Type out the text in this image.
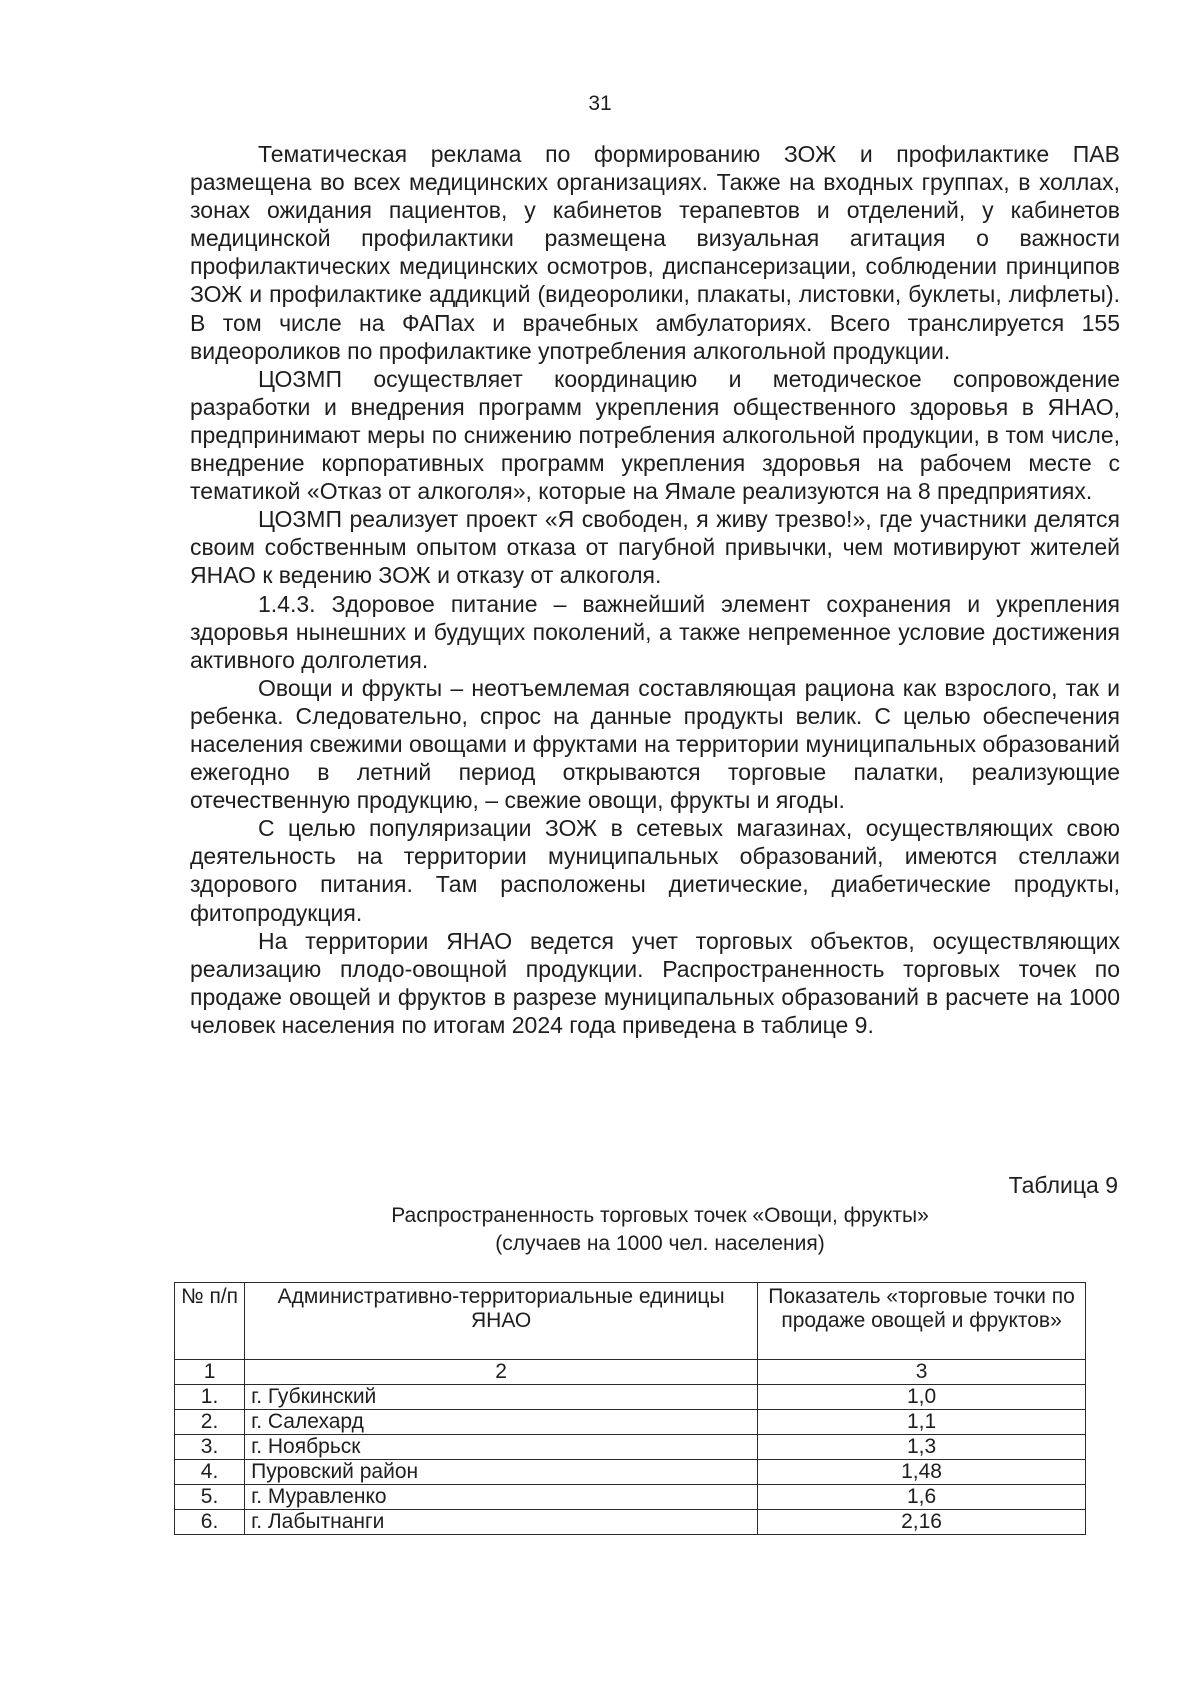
31

Тематическая реклама по формированию ЗОЖ и профилактике ПАВ размещена во всех медицинских организациях. Также на входных группах, в холлах, зонах ожидания пациентов, у кабинетов терапевтов и отделений, у кабинетов медицинской профилактики размещена визуальная агитация о важности профилактических медицинских осмотров, диспансеризации, соблюдении принципов ЗОЖ и профилактике аддикций (видеоролики, плакаты, листовки, буклеты, лифлеты). В том числе на ФАПах и врачебных амбулаториях. Всего транслируется 155 видеороликов по профилактике употребления алкогольной продукции.

ЦОЗМП осуществляет координацию и методическое сопровождение разработки и внедрения программ укрепления общественного здоровья в ЯНАО, предпринимают меры по снижению потребления алкогольной продукции, в том числе, внедрение корпоративных программ укрепления здоровья на рабочем месте с тематикой «Отказ от алкоголя», которые на Ямале реализуются на 8 предприятиях.

ЦОЗМП реализует проект «Я свободен, я живу трезво!», где участники делятся своим собственным опытом отказа от пагубной привычки, чем мотивируют жителей ЯНАО к ведению ЗОЖ и отказу от алкоголя.

1.4.3. Здоровое питание – важнейший элемент сохранения и укрепления здоровья нынешних и будущих поколений, а также непременное условие достижения активного долголетия.

Овощи и фрукты – неотъемлемая составляющая рациона как взрослого, так и ребенка. Следовательно, спрос на данные продукты велик. С целью обеспечения населения свежими овощами и фруктами на территории муниципальных образований ежегодно в летний период открываются торговые палатки, реализующие отечественную продукцию, – свежие овощи, фрукты и ягоды.

С целью популяризации ЗОЖ в сетевых магазинах, осуществляющих свою деятельность на территории муниципальных образований, имеются стеллажи здорового питания. Там расположены диетические, диабетические продукты, фитопродукция.

На территории ЯНАО ведется учет торговых объектов, осуществляющих реализацию плодо-овощной продукции. Распространенность торговых точек по продаже овощей и фруктов в разрезе муниципальных образований в расчете на 1000 человек населения по итогам 2024 года приведена в таблице 9.

Таблица 9
Распространенность торговых точек «Овощи, фрукты»
(случаев на 1000 чел. населения)
№ п/п	Административно-территориальные единицы ЯНАО	Показатель «торговые точки по продаже овощей и фруктов»
1	2	3
1.	г. Губкинский	1,0
2.	г. Салехард	1,1
3.	г. Ноябрьск	1,3
4.	Пуровский район	1,48
5.	г. Муравленко	1,6
6.	г. Лабытнанги	2,16
